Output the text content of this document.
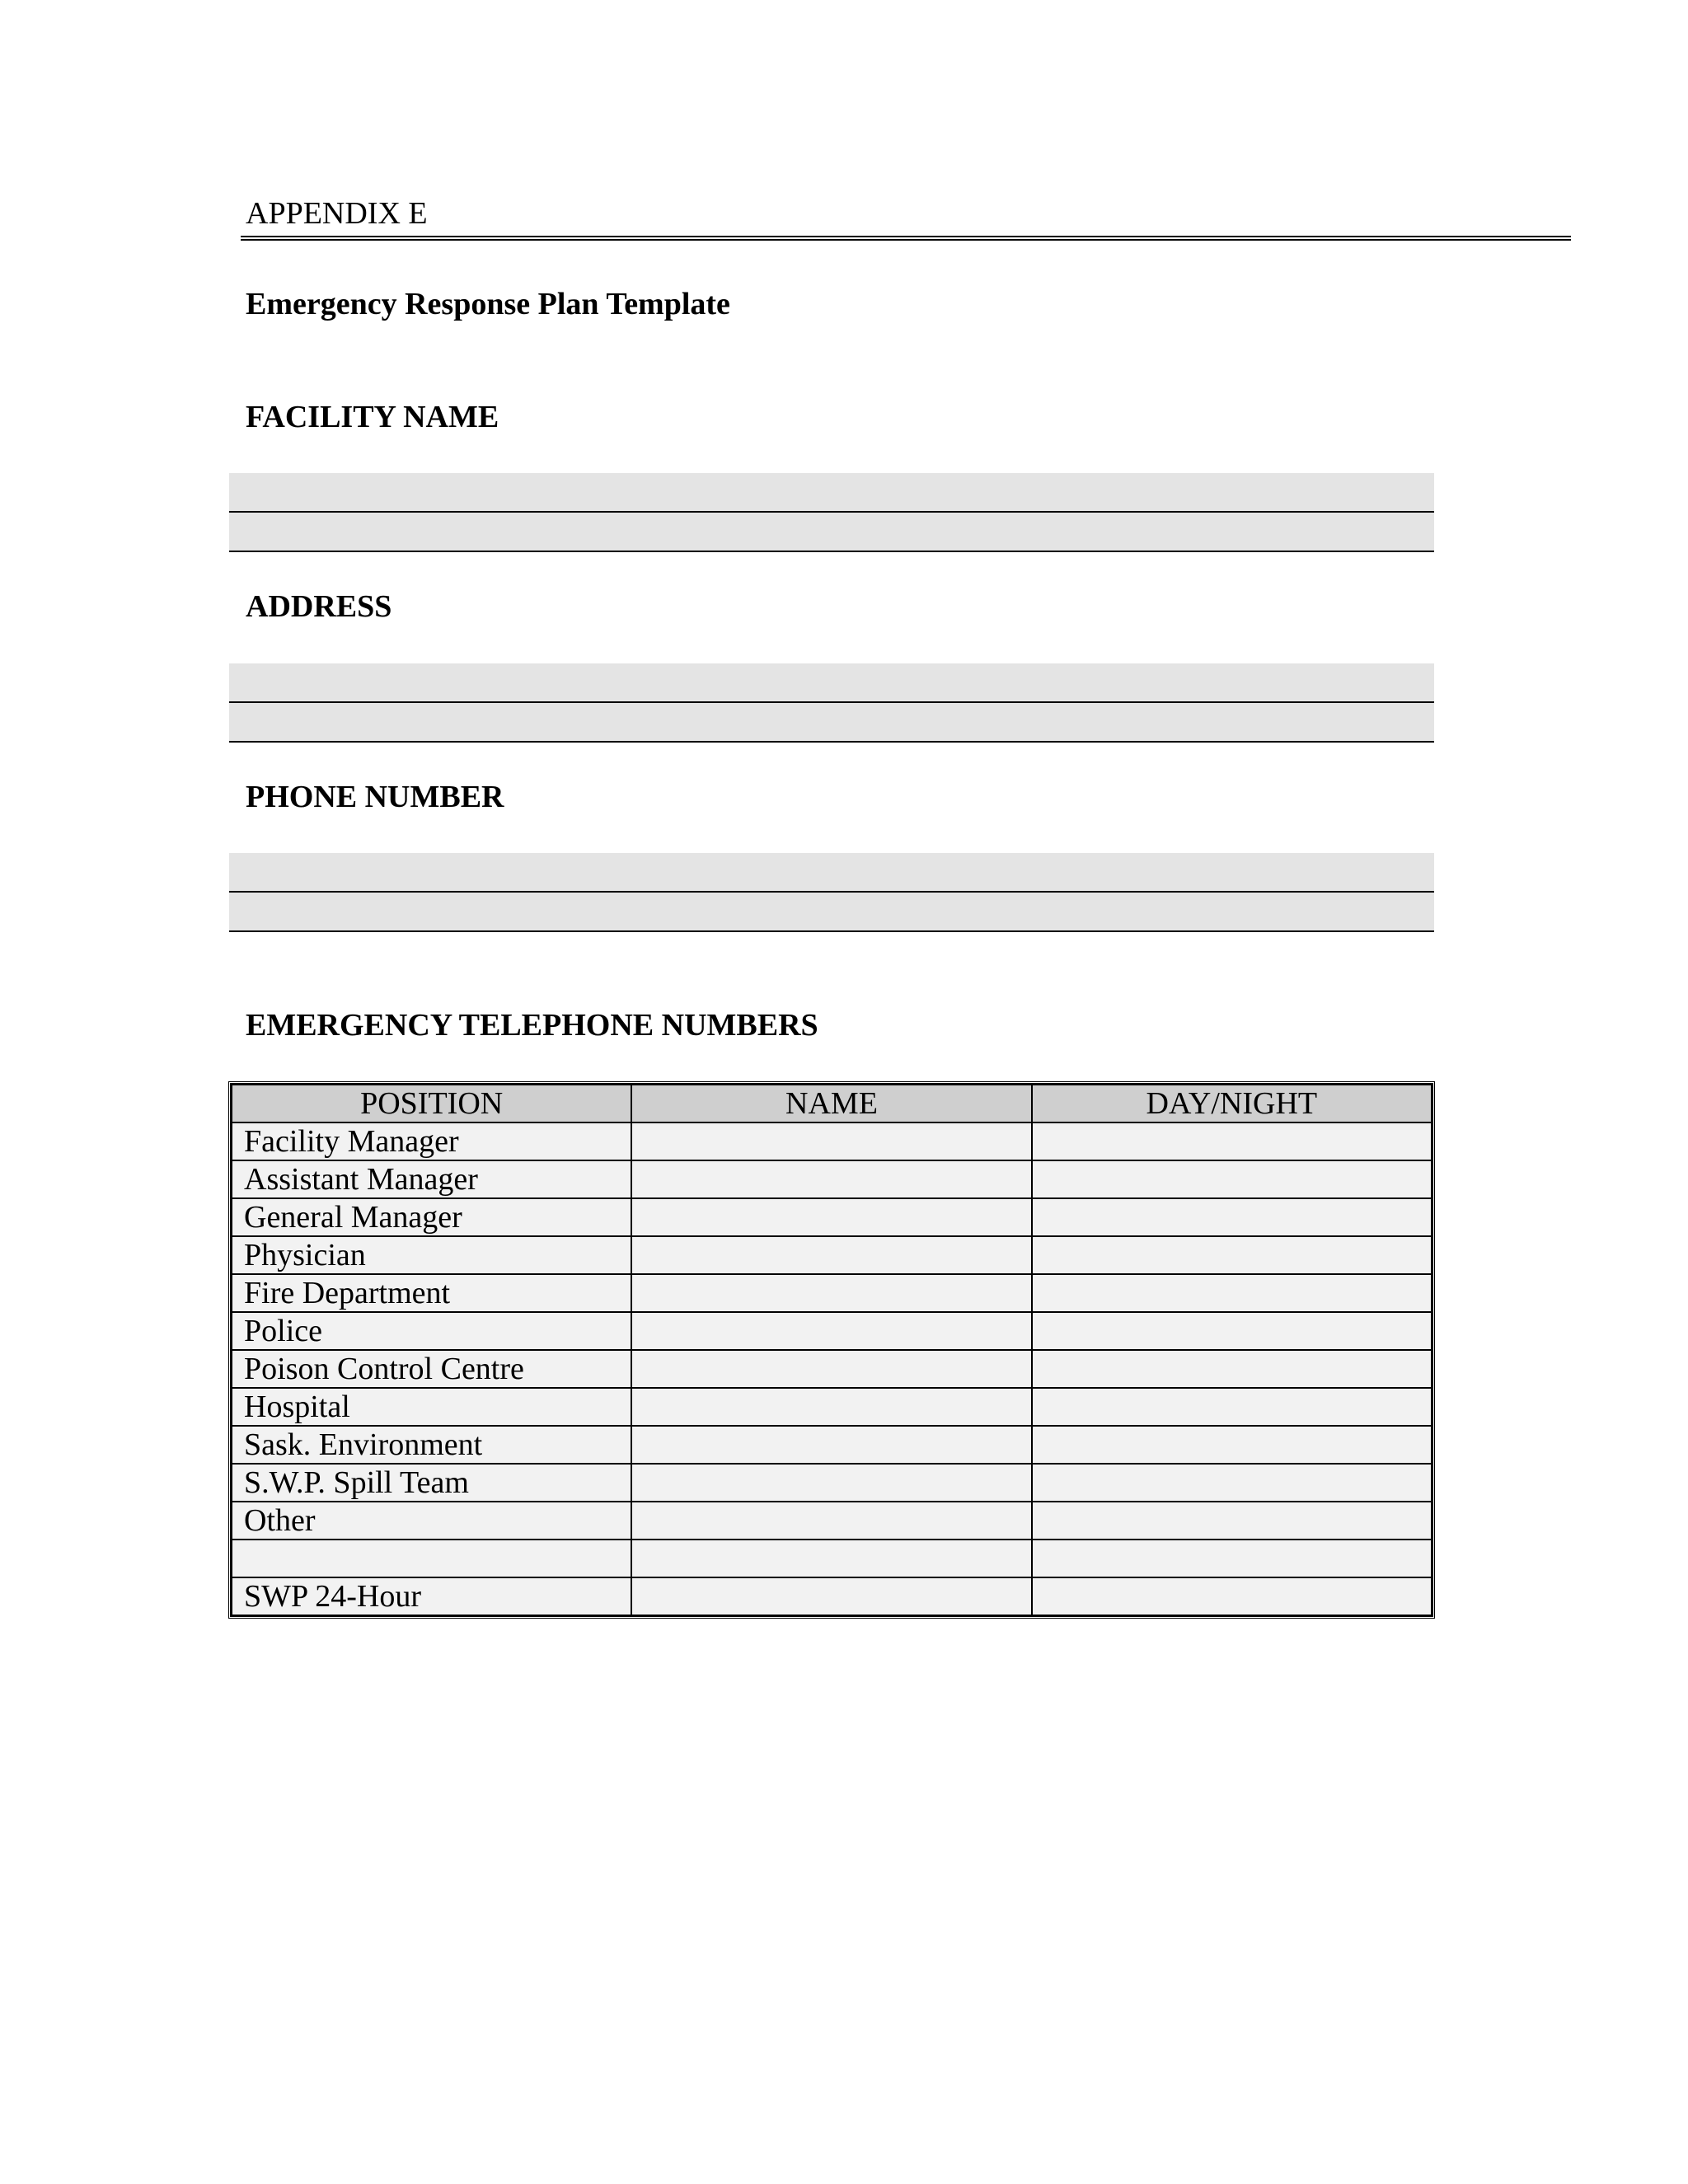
APPENDIX E
Emergency Response Plan Template
FACILITY NAME
ADDRESS
PHONE NUMBER
EMERGENCY TELEPHONE NUMBERS
POSITION	NAME	DAY/NIGHT
Facility Manager		
Assistant Manager		
General Manager		
Physician		
Fire Department		
Police		
Poison Control Centre		
Hospital		
Sask. Environment		
S.W.P. Spill Team		
Other		

SWP 24-Hour		
